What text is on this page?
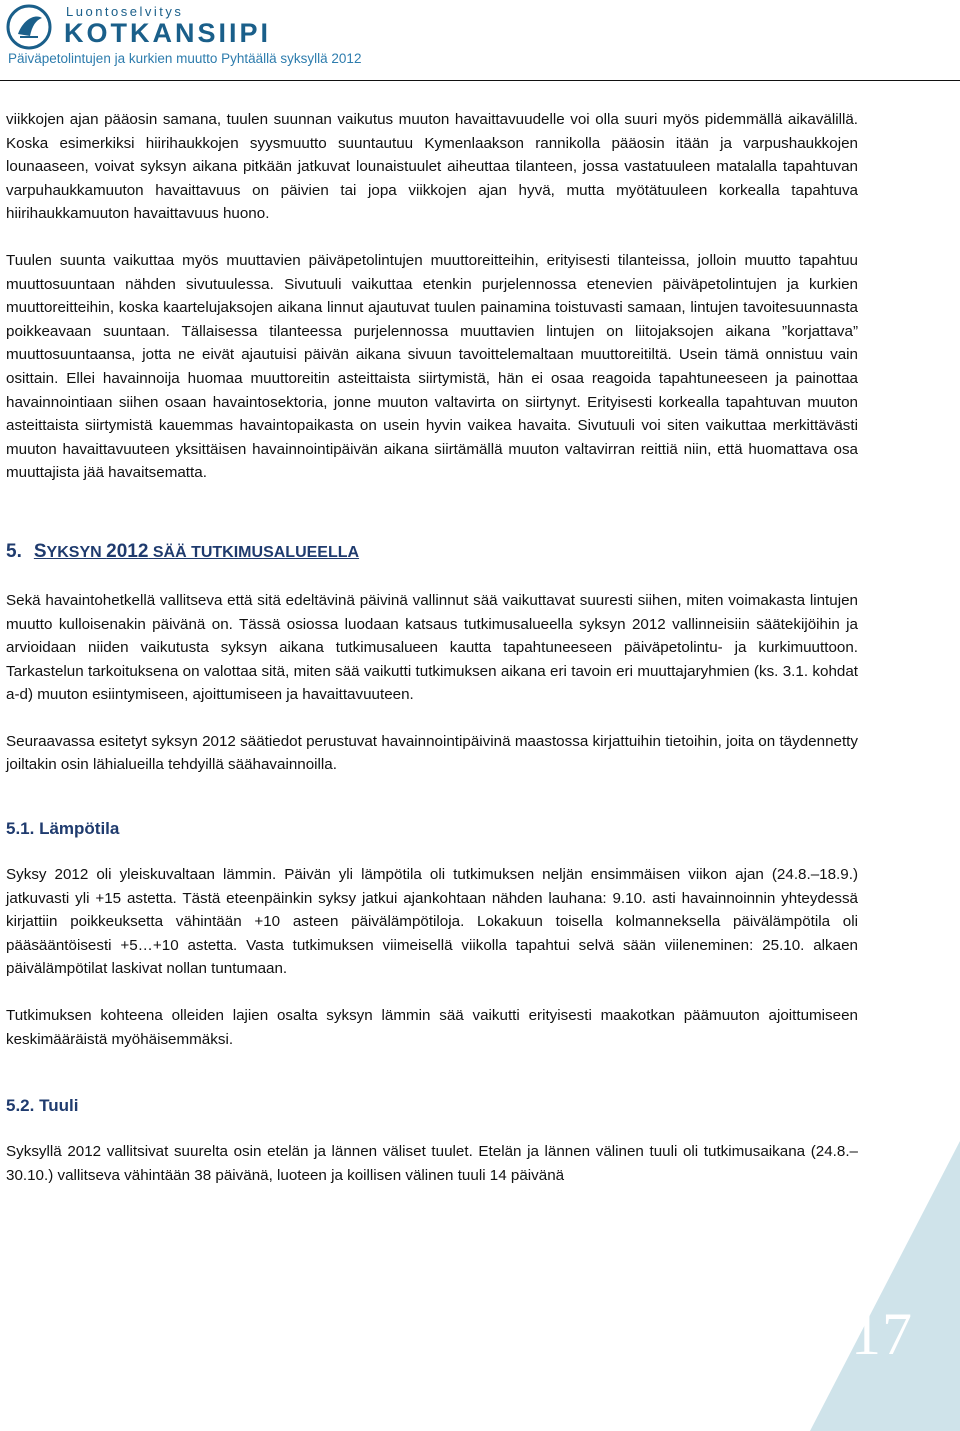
Luontoselvitys
KOTKANSIIPI
Päiväpetolintujen ja kurkien muutto Pyhtäällä syksyllä 2012

viikkojen ajan pääosin samana, tuulen suunnan vaikutus muuton havaittavuudelle voi olla suuri myös pidemmällä aikavälillä. Koska esimerkiksi hiirihaukkojen syysmuutto suuntautuu Kymenlaakson rannikolla pääosin itään ja varpushaukkojen lounaaseen, voivat syksyn aikana pitkään jatkuvat lounaistuulet aiheuttaa tilanteen, jossa vastatuuleen matalalla tapahtuvan varpuhaukkamuuton havaittavuus on päivien tai jopa viikkojen ajan hyvä, mutta myötätuuleen korkealla tapahtuva hiirihaukkamuuton havaittavuus huono.

Tuulen suunta vaikuttaa myös muuttavien päiväpetolintujen muuttoreitteihin, erityisesti tilanteissa, jolloin muutto tapahtuu muuttosuuntaan nähden sivutuulessa. Sivutuuli vaikuttaa etenkin purjelennossa etenevien päiväpetolintujen ja kurkien muuttoreitteihin, koska kaartelujaksojen aikana linnut ajautuvat tuulen painamina toistuvasti samaan, lintujen tavoitesuunnasta poikkeavaan suuntaan. Tällaisessa tilanteessa purjelennossa muuttavien lintujen on liitojaksojen aikana ”korjattava” muuttosuuntaansa, jotta ne eivät ajautuisi päivän aikana sivuun tavoittelemaltaan muuttoreitiltä. Usein tämä onnistuu vain osittain. Ellei havainnoija huomaa muuttoreitin asteittaista siirtymistä, hän ei osaa reagoida tapahtuneeseen ja painottaa havainnointiaan siihen osaan havaintosektoria, jonne muuton valtavirta on siirtynyt. Erityisesti korkealla tapahtuvan muuton asteittaista siirtymistä kauemmas havaintopaikasta on usein hyvin vaikea havaita. Sivutuuli voi siten vaikuttaa merkittävästi muuton havaittavuuteen yksittäisen havainnointipäivän aikana siirtämällä muuton valtavirran reittiä niin, että huomattava osa muuttajista jää havaitsematta.

5. SYKSYN 2012 SÄÄ TUTKIMUSALUEELLA

Sekä havaintohetkellä vallitseva että sitä edeltävinä päivinä vallinnut sää vaikuttavat suuresti siihen, miten voimakasta lintujen muutto kulloisenakin päivänä on. Tässä osiossa luodaan katsaus tutkimusalueella syksyn 2012 vallinneisiin säätekijöihin ja arvioidaan niiden vaikutusta syksyn aikana tutkimusalueen kautta tapahtuneeseen päiväpetolintu- ja kurkimuuttoon. Tarkastelun tarkoituksena on valottaa sitä, miten sää vaikutti tutkimuksen aikana eri tavoin eri muuttajaryhmien (ks. 3.1. kohdat a-d) muuton esiintymiseen, ajoittumiseen ja havaittavuuteen.

Seuraavassa esitetyt syksyn 2012 säätiedot perustuvat havainnointipäivinä maastossa kirjattuihin tietoihin, joita on täydennetty joiltakin osin lähialueilla tehdyillä säähavainnoilla.

5.1. Lämpötila

Syksy 2012 oli yleiskuvaltaan lämmin. Päivän yli lämpötila oli tutkimuksen neljän ensimmäisen viikon ajan (24.8.–18.9.) jatkuvasti yli +15 astetta. Tästä eteenpäinkin syksy jatkui ajankohtaan nähden lauhana: 9.10. asti havainnoinnin yhteydessä kirjattiin poikkeuksetta vähintään +10 asteen päivälämpötiloja. Lokakuun toisella kolmanneksella päivälämpötila oli pääsääntöisesti +5…+10 astetta. Vasta tutkimuksen viimeisellä viikolla tapahtui selvä sään viileneminen: 25.10. alkaen päivälämpötilat laskivat nollan tuntumaan.

Tutkimuksen kohteena olleiden lajien osalta syksyn lämmin sää vaikutti erityisesti maakotkan päämuuton ajoittumiseen keskimääräistä myöhäisemmäksi.

5.2. Tuuli

Syksyllä 2012 vallitsivat suurelta osin etelän ja lännen väliset tuulet. Etelän ja lännen välinen tuuli oli tutkimusaikana (24.8.–30.10.) vallitseva vähintään 38 päivänä, luoteen ja koillisen välinen tuuli 14 päivänä

17
